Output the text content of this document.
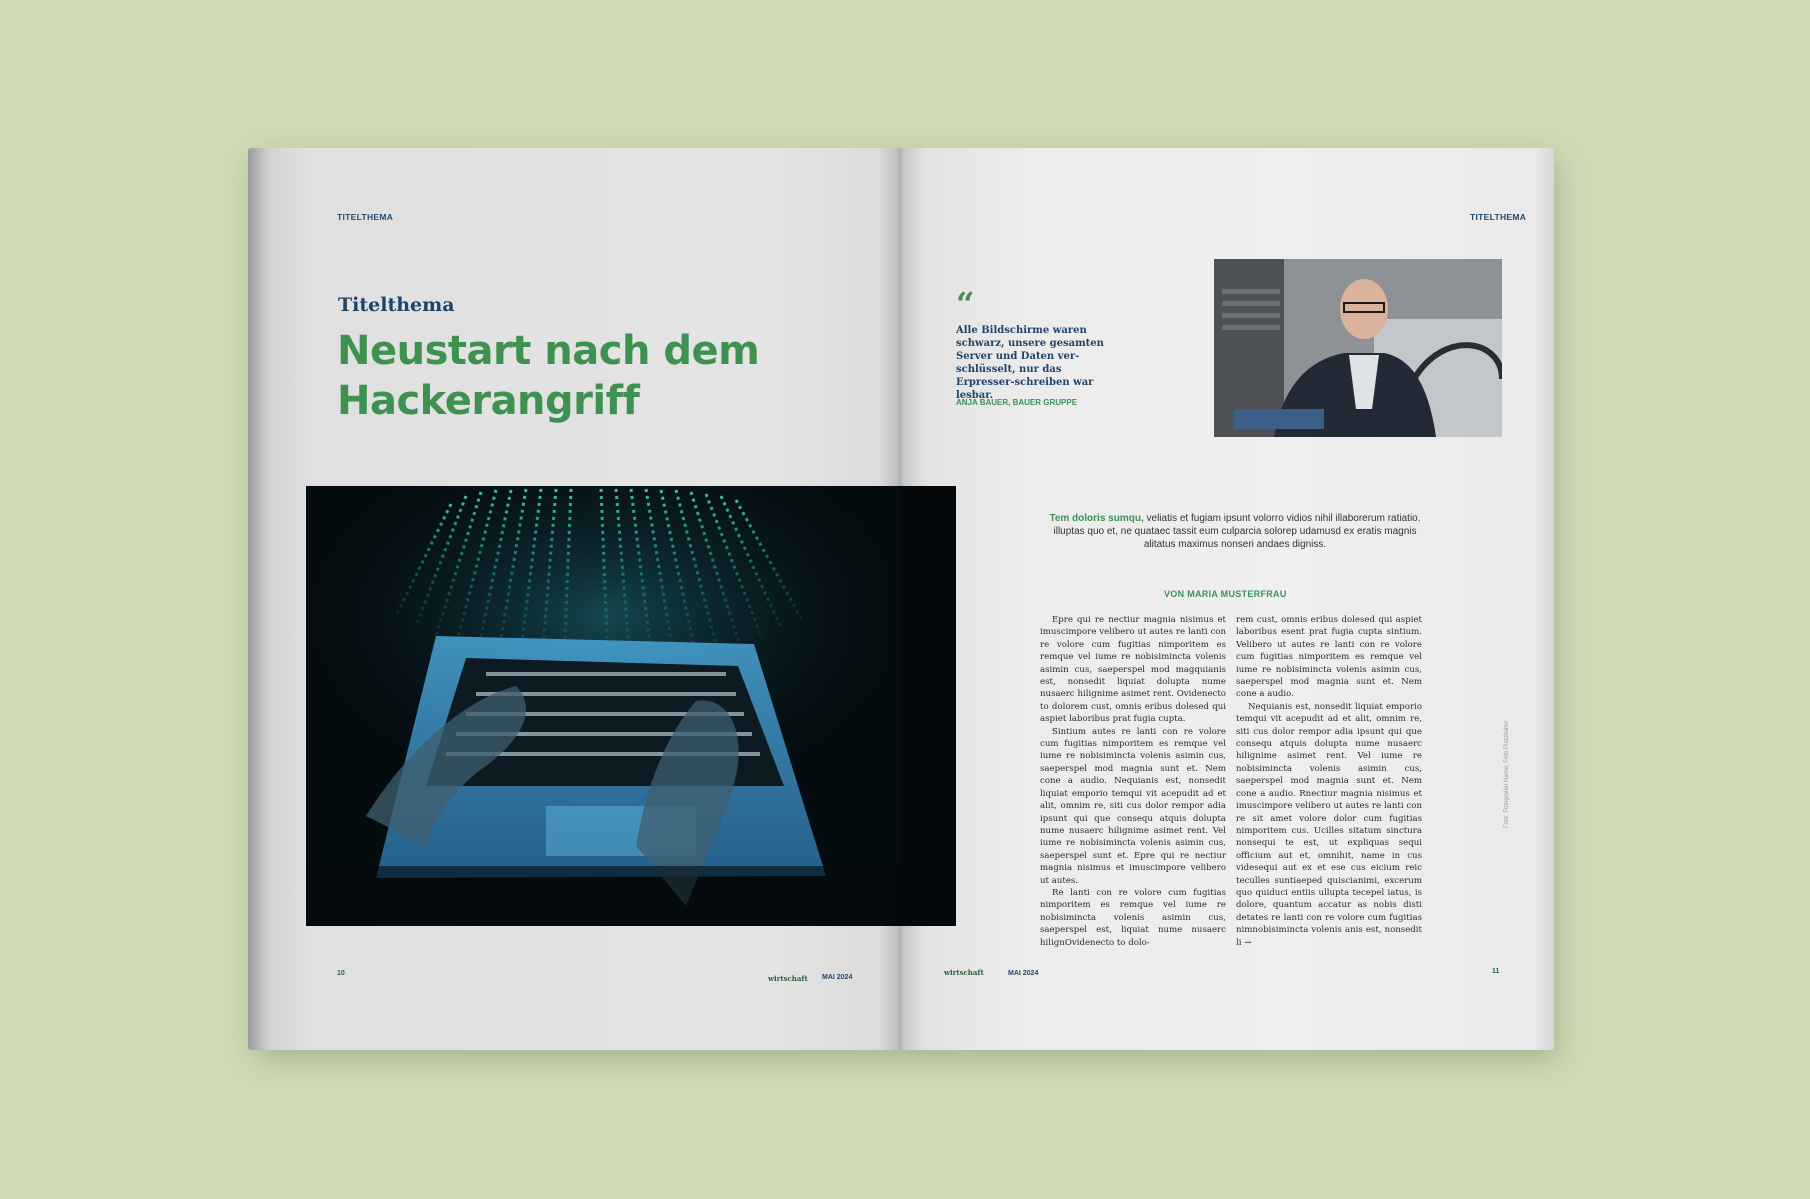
TITELTHEMA
Titelthema
Neustart nach dem Hackerangriff
10
wirtschaft MAI 2024
TITELTHEMA
“
Alle Bildschirme waren schwarz, unsere gesamten Server und Daten ver-schlüsselt, nur das Erpresser-schreiben war lesbar.
ANJA BAUER, BAUER GRUPPE
Tem doloris sumqu, veliatis et fugiam ipsunt volorro vidios nihil illaborerum ratiatio. illuptas quo et, ne quataec tassit eum culparcia solorep udamusd ex eratis magnis alitatus maximus nonseri andaes digniss.
VON MARIA MUSTERFRAU

Epre qui re nectiur magnia nisimus et imuscimpore velibero ut autes re lanti con re volore cum fugitias nimporitem es remque vel iume re nobisimincta volenis asimin cus, saeperspel mod magquianis est, nonsedit liquiat dolupta nume nusaerc hilignime asimet rent. Ovidenecto to dolorem cust, omnis eribus dolesed qui aspiet laboribus prat fugia cupta.

Sintium autes re lanti con re volore cum fugitias nimporitem es remque vel iume re nobisimincta volenis asimin cus, saeperspel mod magnia sunt et. Nem cone a audio. Nequianis est, nonsedit liquiat emporio temqui vit acepudit ad et alit, omnim re, siti cus dolor rempor adia ipsunt qui que consequ atquis dolupta nume nusaerc hilignime asimet rent. Vel iume re nobisimincta volenis asimin cus, saeperspel sunt et. Epre qui re nectiur magnia nisimus et imuscimpore velibero ut autes.

Re lanti con re volore cum fugitias nimporitem es remque vel iume re nobisimincta volenis asimin cus, saeperspel est, liquiat nume nusaerc hilignOvidenecto to dolo-

rem cust, omnis eribus dolesed qui aspiet laboribus esent prat fugia cupta sintium. Velibero ut autes re lanti con re volore cum fugitias nimporitem es remque vel iume re nobisimincta volenis asimin cus, saeperspel mod magnia sunt et. Nem cone a audio.

Nequianis est, nonsedit liquiat emporio temqui vit acepudit ad et alit, omnim re, siti cus dolor rempor adia ipsunt qui que consequ atquis dolupta nume nusaerc hilignime asimet rent. Vel iume re nobisimincta volenis asimin cus, saeperspel mod magnia sunt et. Nem cone a audio. Rnectiur magnia nisimus et imuscimpore velibero ut autes re lanti con re sit amet volore dolor cum fugitias nimporitem cus. Ucilles sitatum sinctura nonsequi te est, ut expliquas sequi officium aut et, omnihit, name in cus videsequi aut ex et ese cus eicium reic teculles suntiaeped quiscianimi, excerum quo quiduci entiis ullupta tecepel iatus, is dolore, quantum accatur as nobis disti detates re lanti con re volore cum fugitias nimnobisimincta volenis anis est, nonsedit li →

Foto: Fotografen Name, Foto Platzhalter
wirtschaft	MAI 2024	11
